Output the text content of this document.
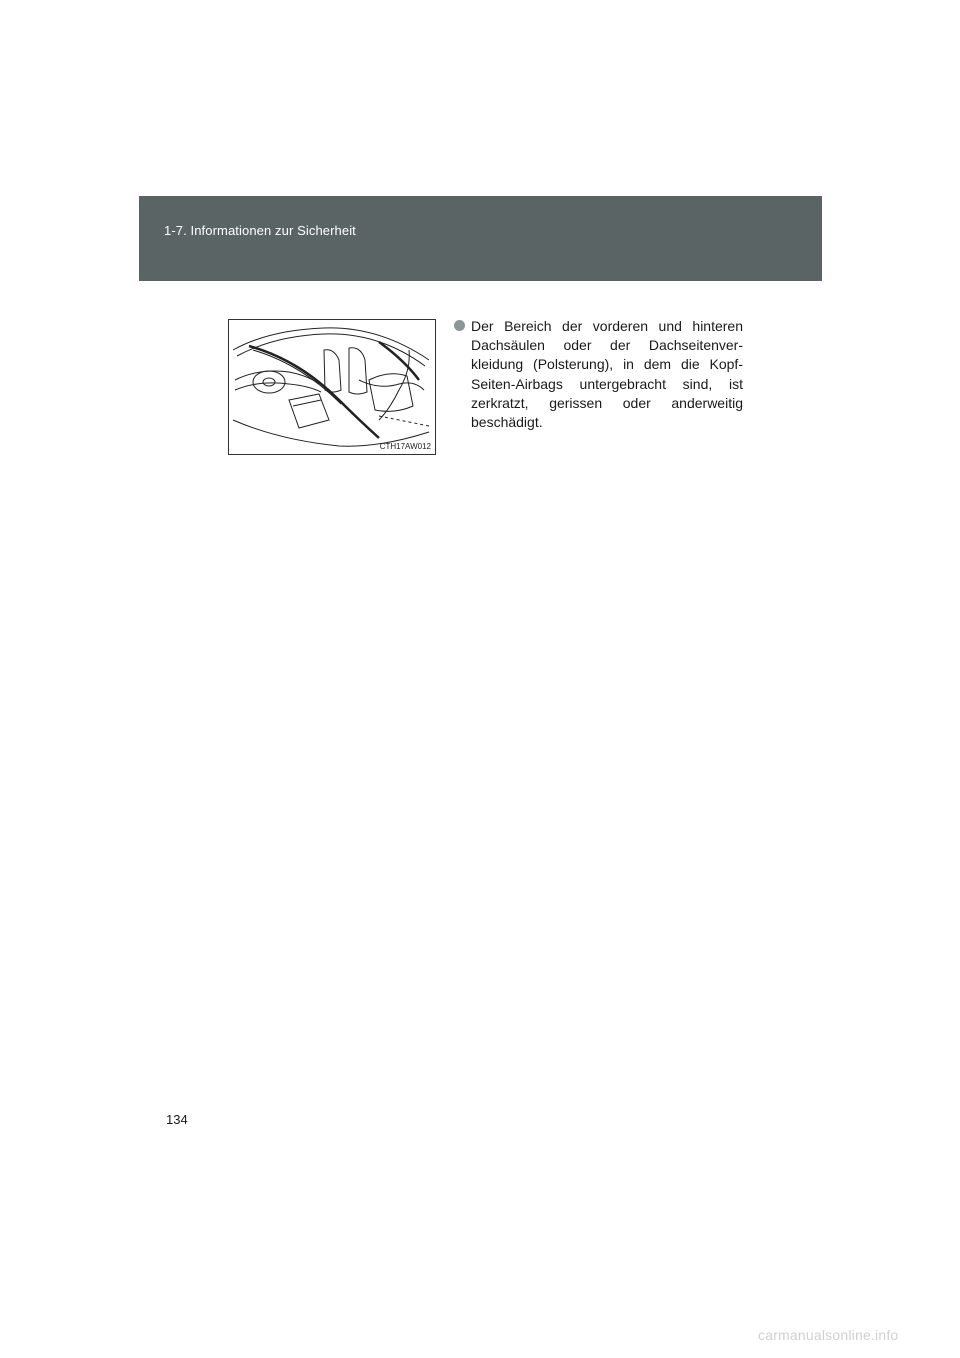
1-7. Informationen zur Sicherheit
CTH17AW012
Der Bereich der vorderen und hinteren Dachsäulen oder der Dachseitenver- kleidung (Polsterung), in dem die Kopf- Seiten-Airbags untergebracht sind, ist zerkratzt, gerissen oder anderweitig beschädigt.
134
carmanualsonline.info
